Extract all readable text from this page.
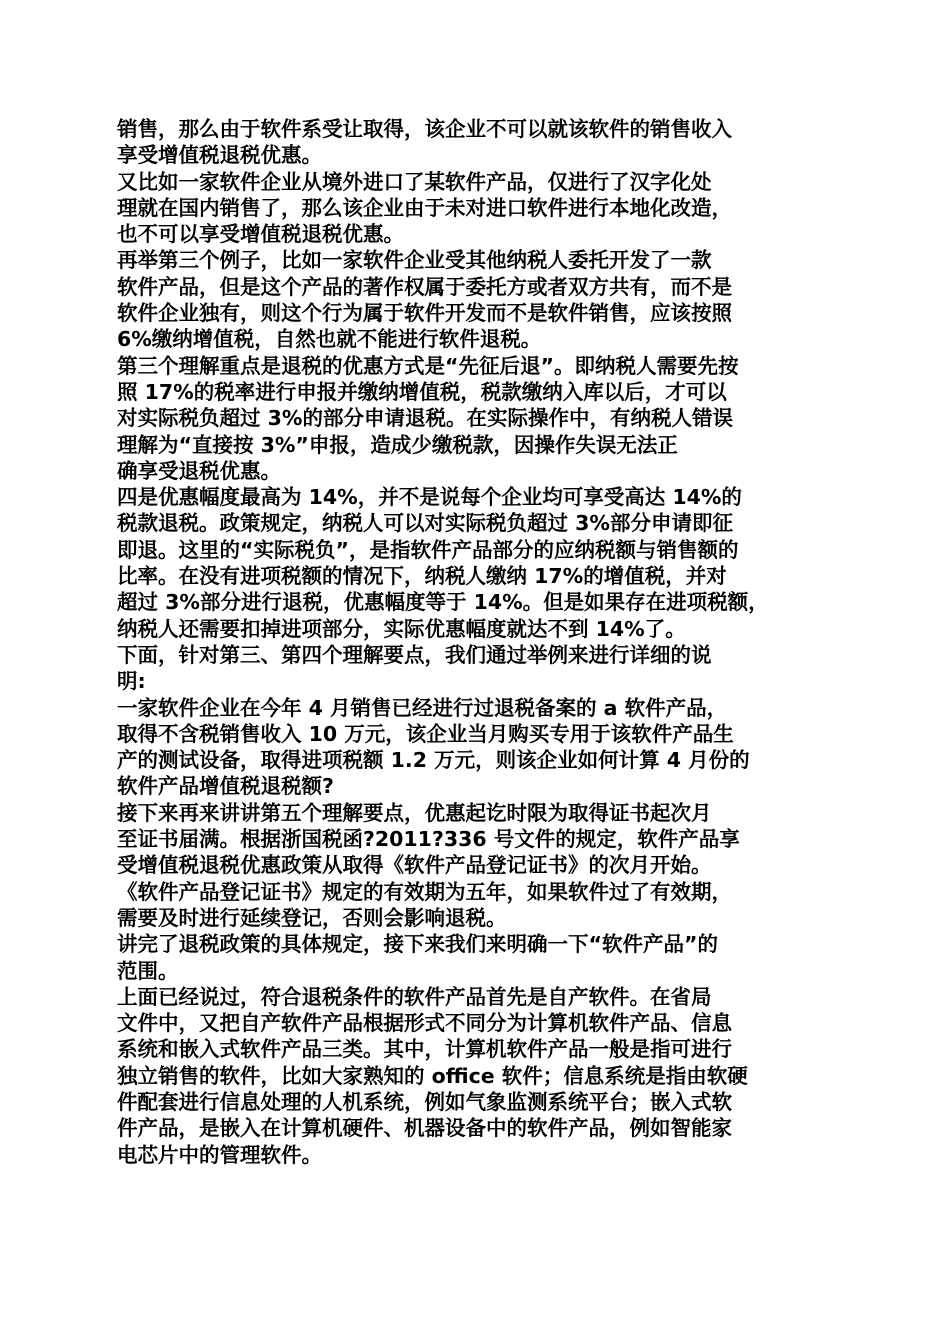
销售，那么由于软件系受让取得，该企业不可以就该软件的销售收入
享受增值税退税优惠。
又比如一家软件企业从境外进口了某软件产品，仅进行了汉字化处
理就在国内销售了，那么该企业由于未对进口软件进行本地化改造，
也不可以享受增值税退税优惠。
再举第三个例子，比如一家软件企业受其他纳税人委托开发了一款
软件产品，但是这个产品的著作权属于委托方或者双方共有，而不是
软件企业独有，则这个行为属于软件开发而不是软件销售，应该按照
6%缴纳增值税，自然也就不能进行软件退税。
第三个理解重点是退税的优惠方式是“先征后退”。即纳税人需要先按
照 17%的税率进行申报并缴纳增值税，税款缴纳入库以后，才可以
对实际税负超过 3%的部分申请退税。在实际操作中，有纳税人错误
理解为“直接按 3%”申报，造成少缴税款，因操作失误无法正
确享受退税优惠。
四是优惠幅度最高为 14%，并不是说每个企业均可享受高达 14%的
税款退税。政策规定，纳税人可以对实际税负超过 3%部分申请即征
即退。这里的“实际税负”，是指软件产品部分的应纳税额与销售额的
比率。在没有进项税额的情况下，纳税人缴纳 17%的增值税，并对
超过 3%部分进行退税，优惠幅度等于 14%。但是如果存在进项税额，
纳税人还需要扣掉进项部分，实际优惠幅度就达不到 14%了。
下面，针对第三、第四个理解要点，我们通过举例来进行详细的说
明:
一家软件企业在今年 4 月销售已经进行过退税备案的 a 软件产品，
取得不含税销售收入 10 万元，该企业当月购买专用于该软件产品生
产的测试设备，取得进项税额 1.2 万元，则该企业如何计算 4 月份的
软件产品增值税退税额?
接下来再来讲讲第五个理解要点，优惠起讫时限为取得证书起次月
至证书届满。根据浙国税函?2011?336 号文件的规定，软件产品享
受增值税退税优惠政策从取得《软件产品登记证书》的次月开始。
《软件产品登记证书》规定的有效期为五年，如果软件过了有效期，
需要及时进行延续登记，否则会影响退税。
讲完了退税政策的具体规定，接下来我们来明确一下“软件产品”的
范围。
上面已经说过，符合退税条件的软件产品首先是自产软件。在省局
文件中，又把自产软件产品根据形式不同分为计算机软件产品、信息
系统和嵌入式软件产品三类。其中，计算机软件产品一般是指可进行
独立销售的软件，比如大家熟知的 office 软件；信息系统是指由软硬
件配套进行信息处理的人机系统，例如气象监测系统平台；嵌入式软
件产品，是嵌入在计算机硬件、机器设备中的软件产品，例如智能家
电芯片中的管理软件。
